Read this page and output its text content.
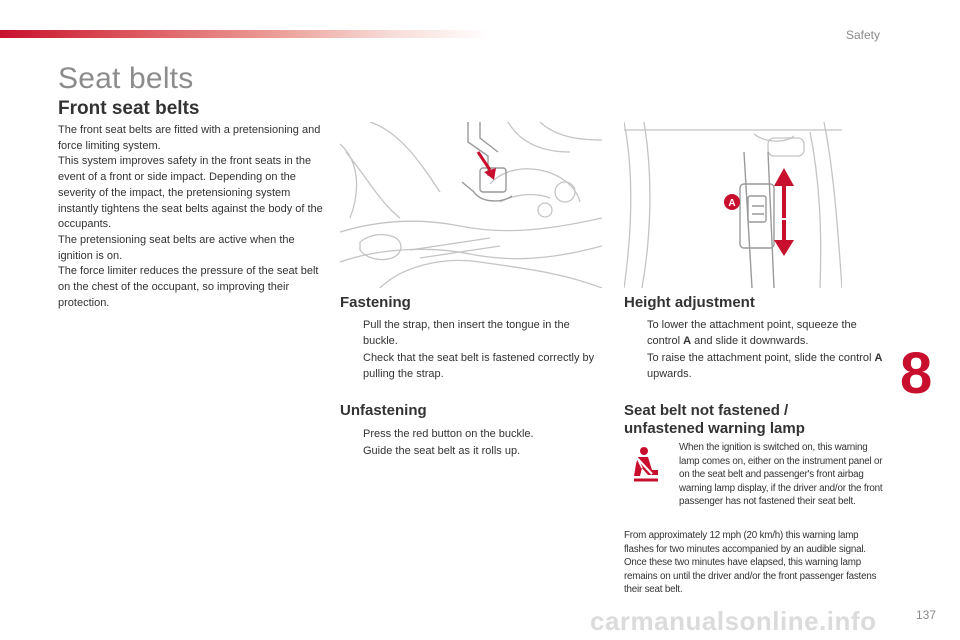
Safety
Seat belts
Front seat belts

The front seat belts are fitted with a pretensioning and force limiting system.

This system improves safety in the front seats in the event of a front or side impact. Depending on the severity of the impact, the pretensioning system instantly tightens the seat belts against the body of the occupants.

The pretensioning seat belts are active when the ignition is on.

The force limiter reduces the pressure of the seat belt on the chest of the occupant, so improving their protection.

A
Fastening
Pull the strap, then insert the tongue in the buckle.
Check that the seat belt is fastened correctly by pulling the strap.
Unfastening
Press the red button on the buckle.
Guide the seat belt as it rolls up.
Height adjustment
To lower the attachment point, squeeze the control A and slide it downwards.
To raise the attachment point, slide the control A upwards.
Seat belt not fastened /
unfastened warning lamp

When the ignition is switched on, this warning lamp comes on, either on the instrument panel or on the seat belt and passenger's front airbag warning lamp display, if the driver and/or the front passenger has not fastened their seat belt.

From approximately 12 mph (20 km/h) this warning lamp flashes for two minutes accompanied by an audible signal. Once these two minutes have elapsed, this warning lamp remains on until the driver and/or the front passenger fastens their seat belt.

8
carmanualsonline.info	137
